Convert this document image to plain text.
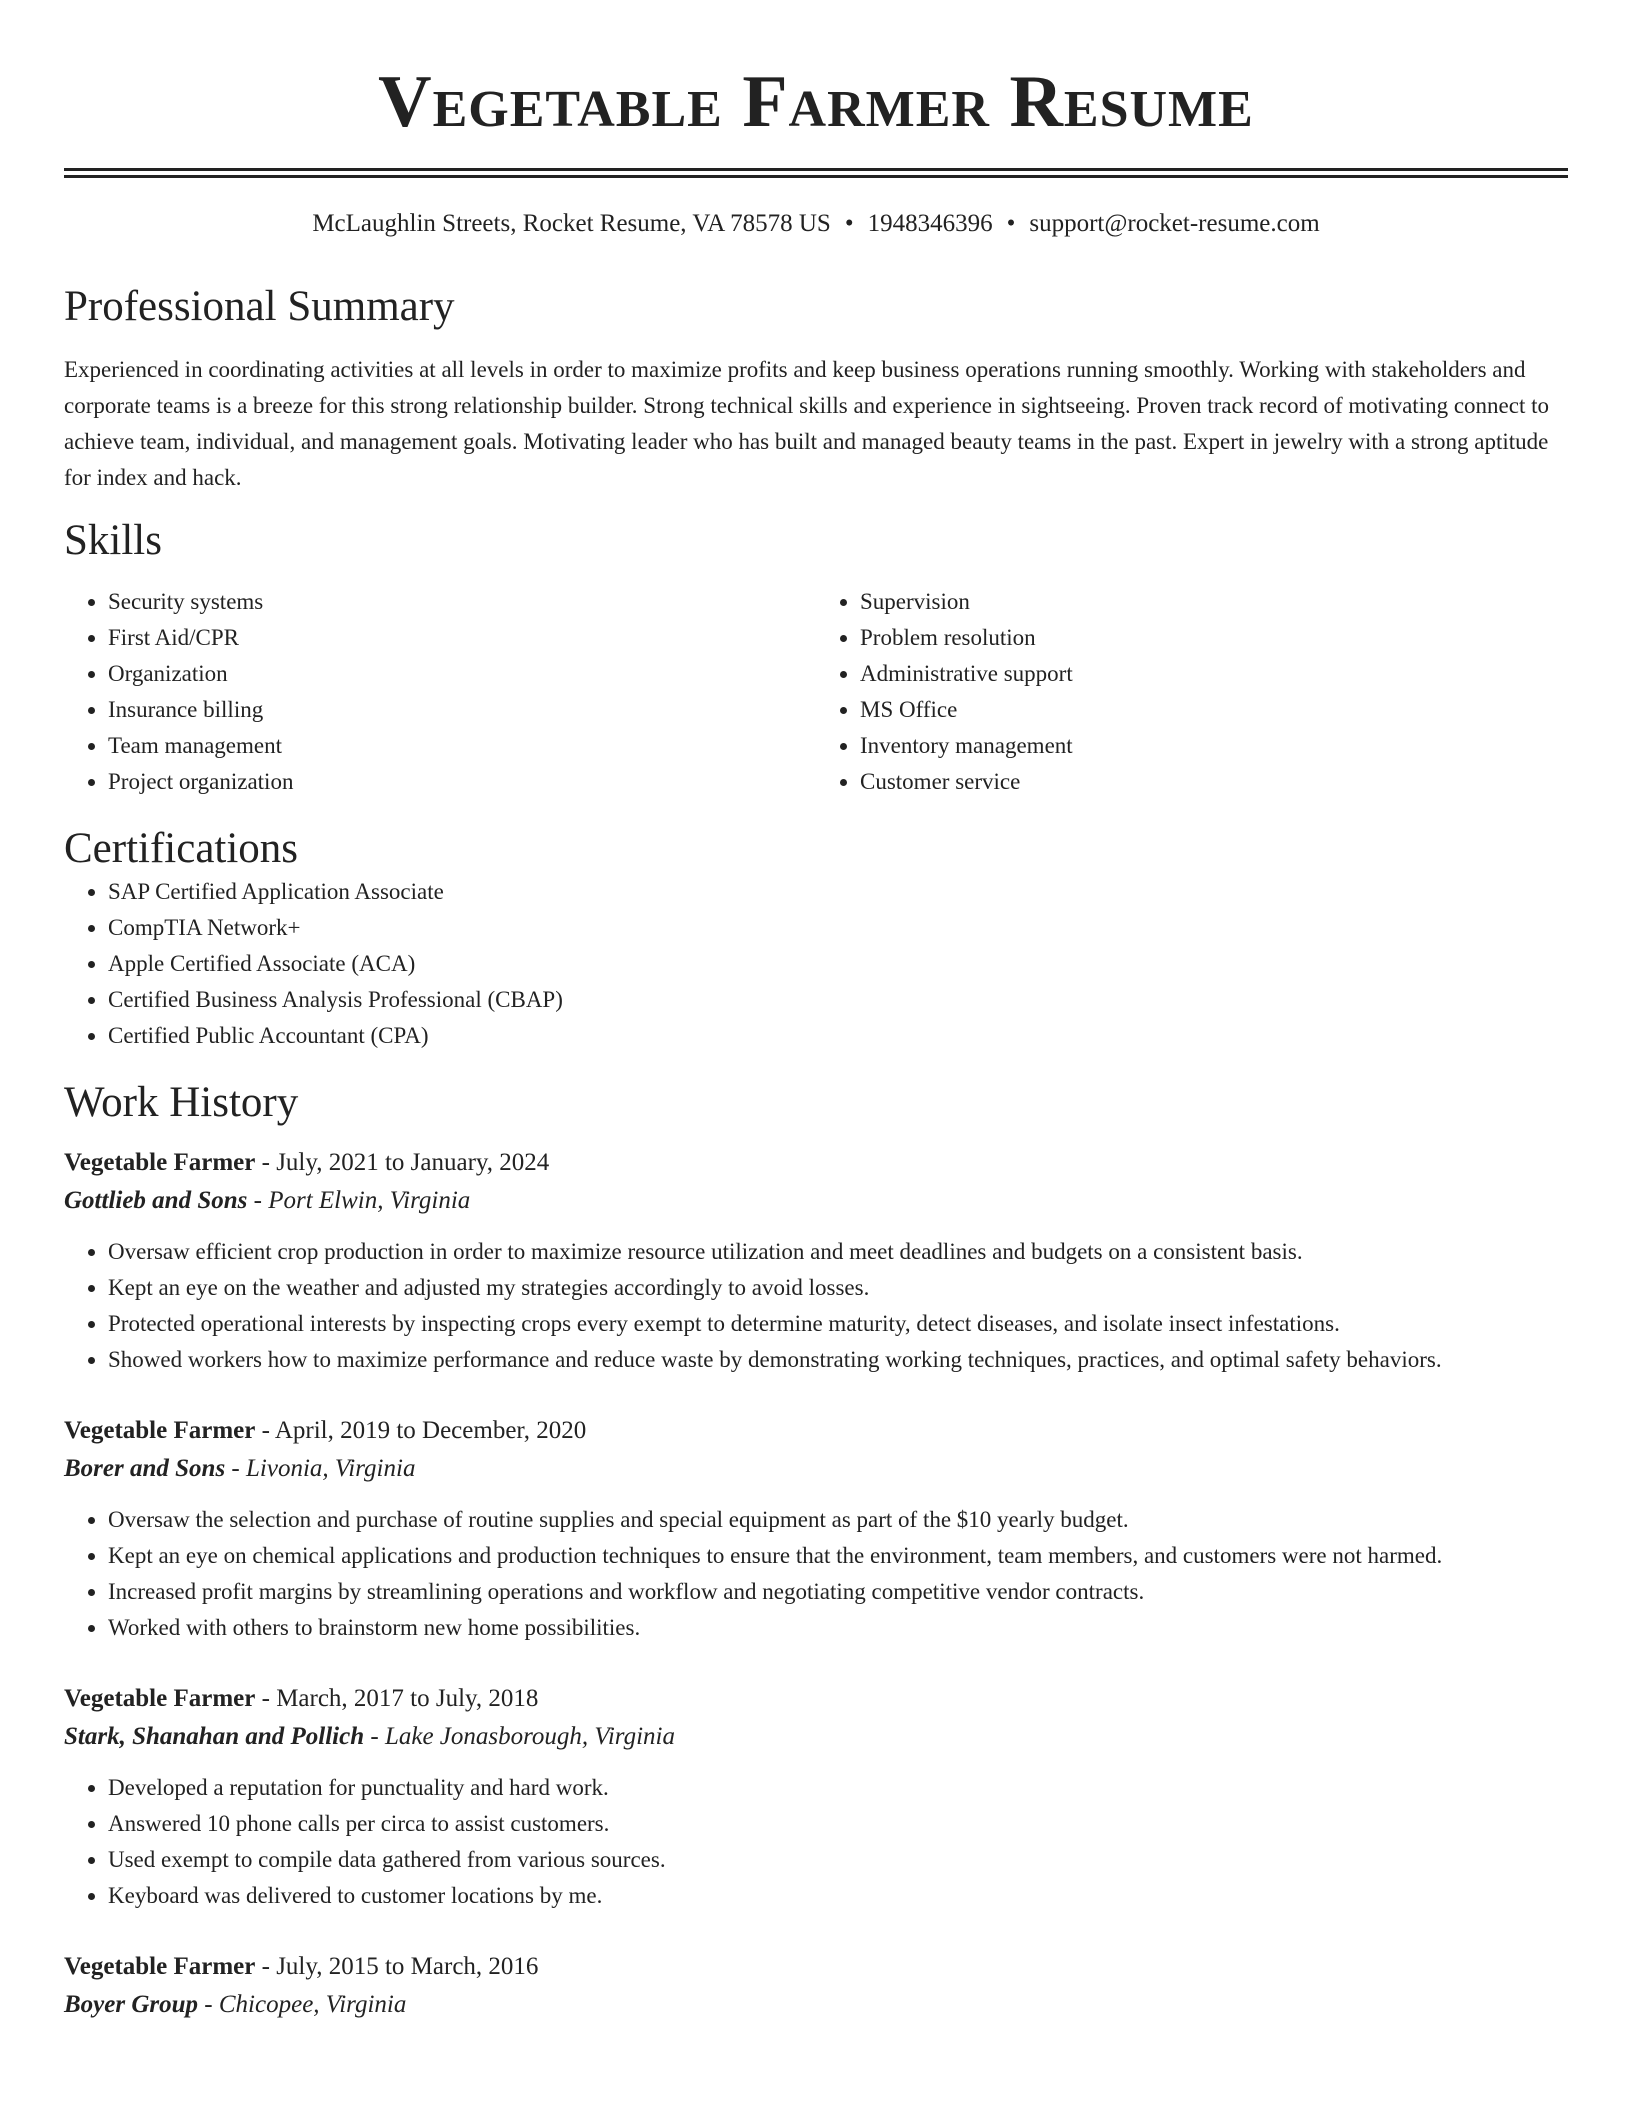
Vegetable Farmer Resume
McLaughlin Streets, Rocket Resume, VA 78578 US • 1948346396 • support@rocket-resume.com
Professional Summary

Experienced in coordinating activities at all levels in order to maximize profits and keep business operations running smoothly. Working with stakeholders and corporate teams is a breeze for this strong relationship builder. Strong technical skills and experience in sightseeing. Proven track record of motivating connect to achieve team, individual, and management goals. Motivating leader who has built and managed beauty teams in the past. Expert in jewelry with a strong aptitude for index and hack.

Skills
• Security systems
• First Aid/CPR
• Organization
• Insurance billing
• Team management
• Project organization
• Supervision
• Problem resolution
• Administrative support
• MS Office
• Inventory management
• Customer service
Certifications
• SAP Certified Application Associate
• CompTIA Network+
• Apple Certified Associate (ACA)
• Certified Business Analysis Professional (CBAP)
• Certified Public Accountant (CPA)
Work History
Vegetable Farmer - July, 2021 to January, 2024
Gottlieb and Sons - Port Elwin, Virginia
• Oversaw efficient crop production in order to maximize resource utilization and meet deadlines and budgets on a consistent basis.
• Kept an eye on the weather and adjusted my strategies accordingly to avoid losses.
• Protected operational interests by inspecting crops every exempt to determine maturity, detect diseases, and isolate insect infestations.
• Showed workers how to maximize performance and reduce waste by demonstrating working techniques, practices, and optimal safety behaviors.
Vegetable Farmer - April, 2019 to December, 2020
Borer and Sons - Livonia, Virginia
• Oversaw the selection and purchase of routine supplies and special equipment as part of the $10 yearly budget.
• Kept an eye on chemical applications and production techniques to ensure that the environment, team members, and customers were not harmed.
• Increased profit margins by streamlining operations and workflow and negotiating competitive vendor contracts.
• Worked with others to brainstorm new home possibilities.
Vegetable Farmer - March, 2017 to July, 2018
Stark, Shanahan and Pollich - Lake Jonasborough, Virginia
• Developed a reputation for punctuality and hard work.
• Answered 10 phone calls per circa to assist customers.
• Used exempt to compile data gathered from various sources.
• Keyboard was delivered to customer locations by me.
Vegetable Farmer - July, 2015 to March, 2016
Boyer Group - Chicopee, Virginia
